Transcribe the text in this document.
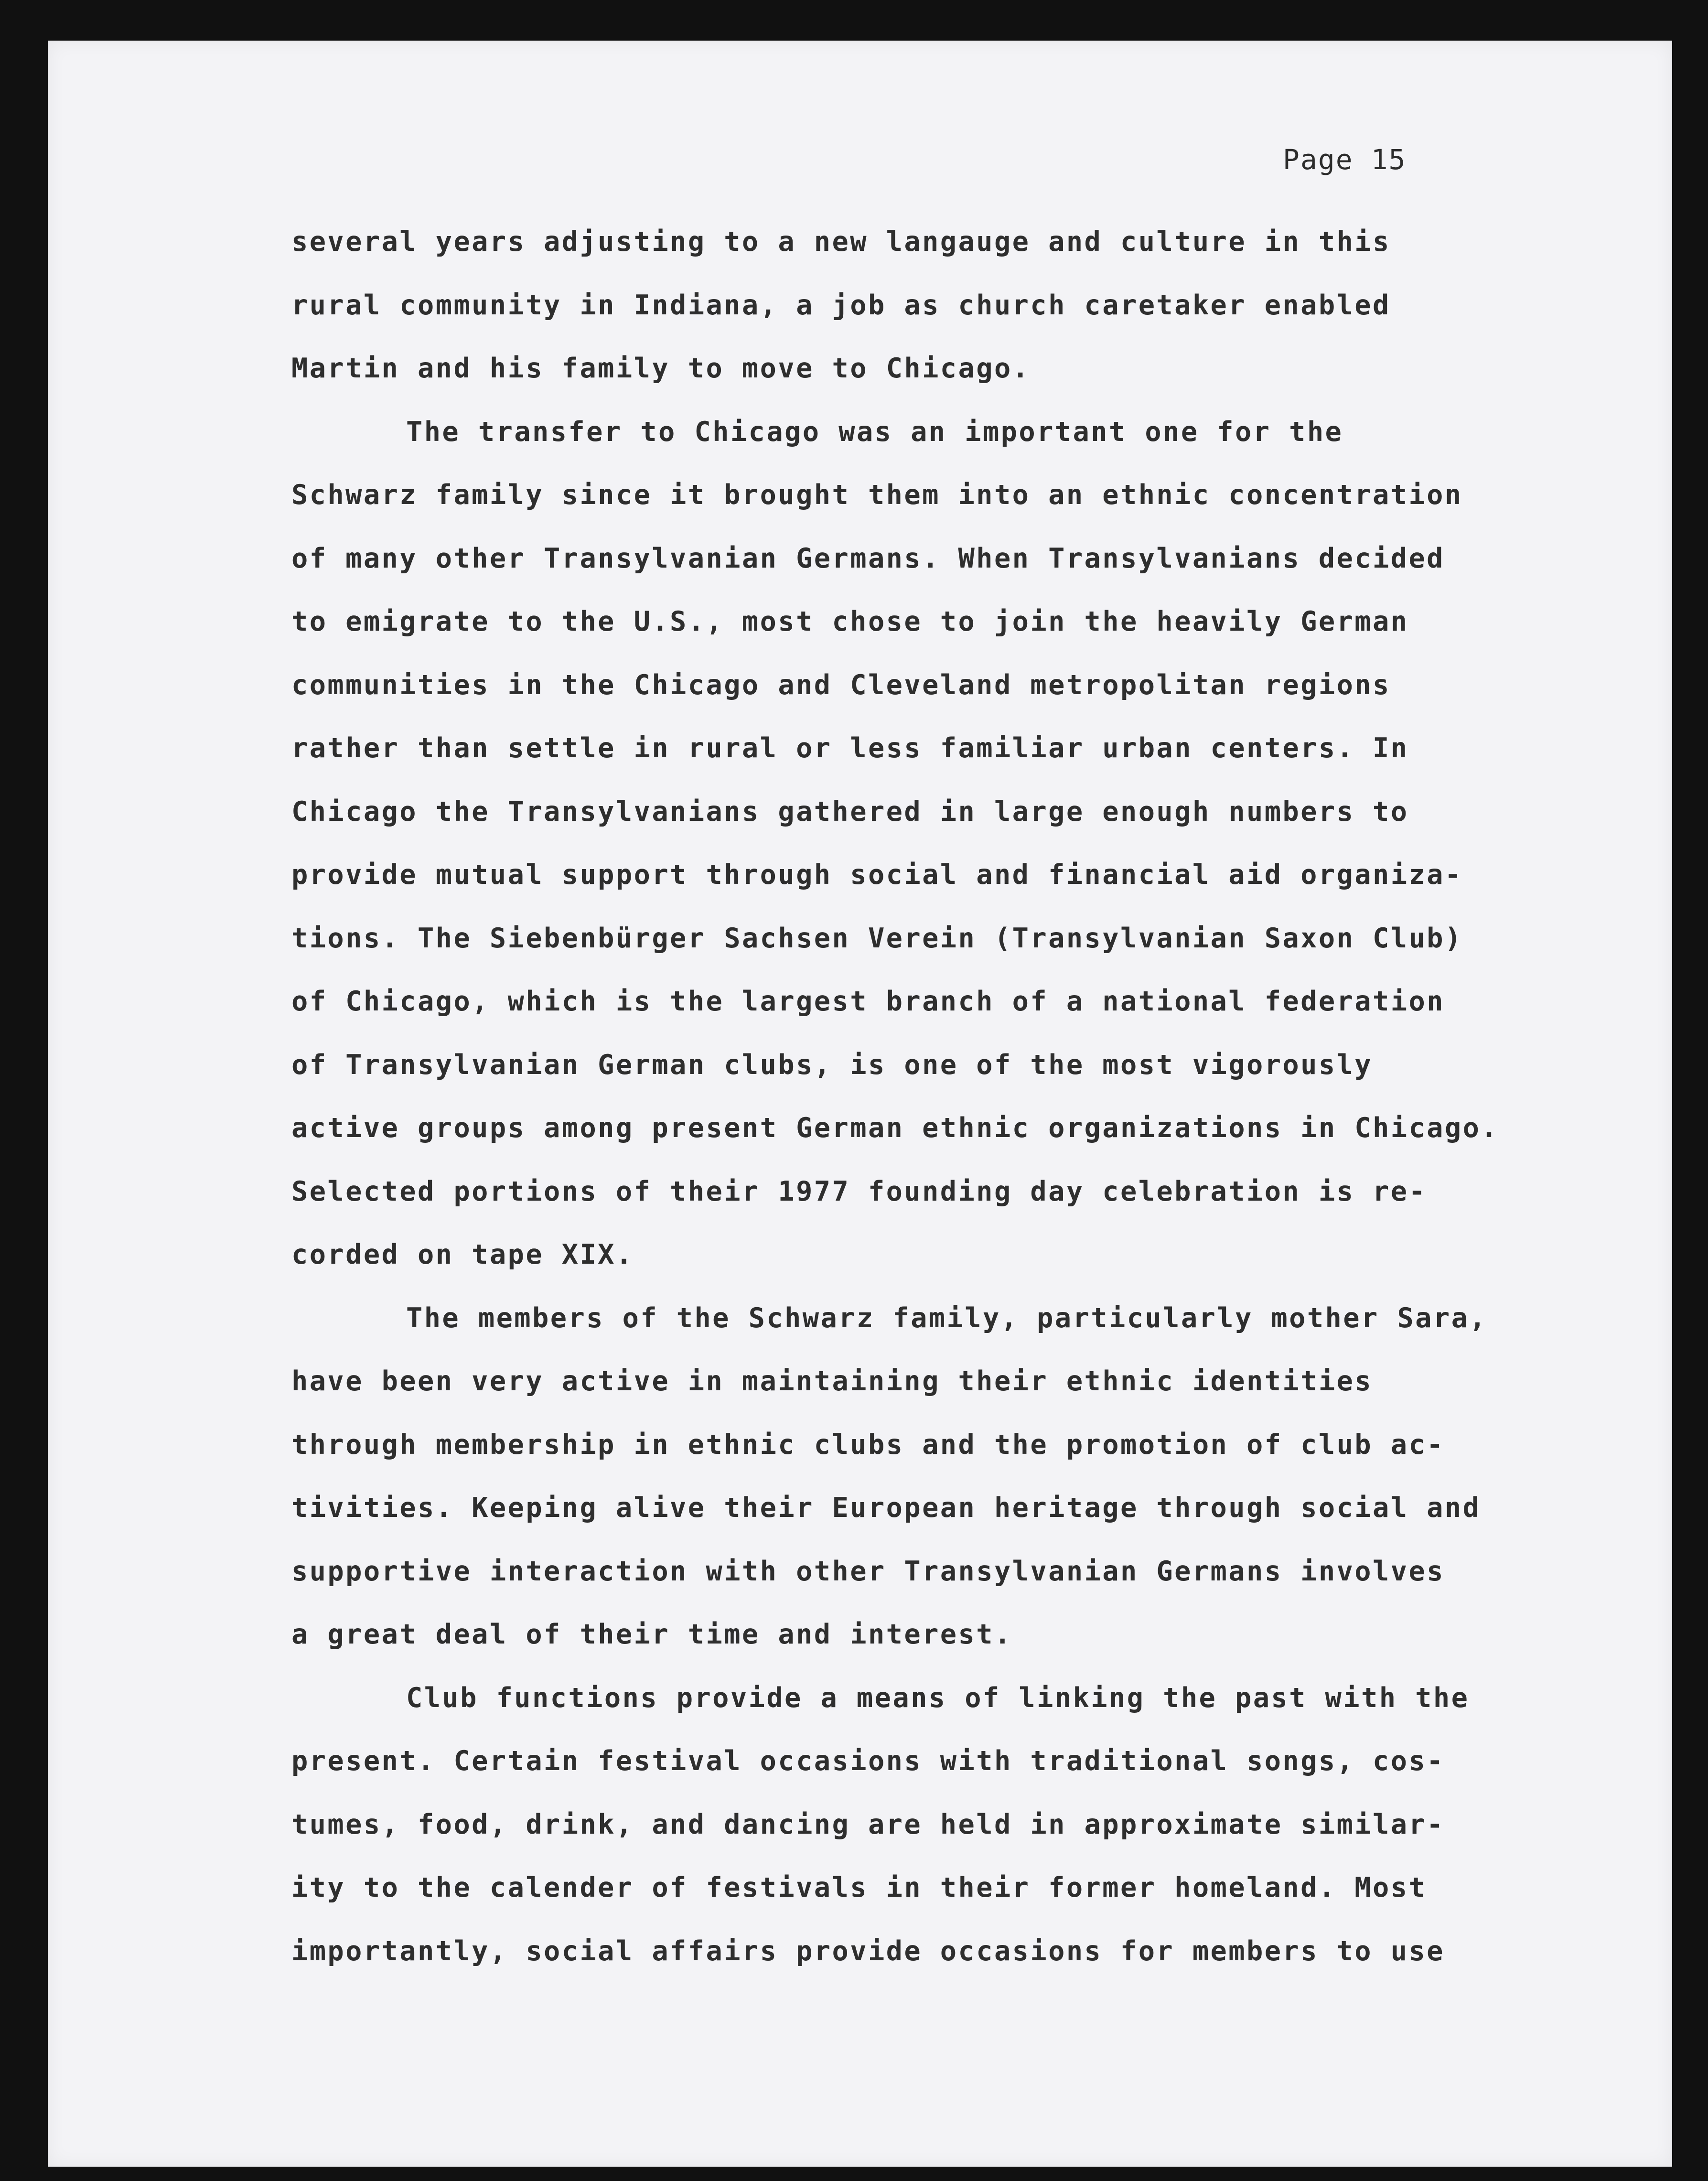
Page 15
several years adjusting to a new langauge and culture in this
rural community in Indiana, a job as church caretaker enabled
Martin and his family to move to Chicago.
The transfer to Chicago was an important one for the
Schwarz family since it brought them into an ethnic concentration
of many other Transylvanian Germans. When Transylvanians decided
to emigrate to the U.S., most chose to join the heavily German
communities in the Chicago and Cleveland metropolitan regions
rather than settle in rural or less familiar urban centers. In
Chicago the Transylvanians gathered in large enough numbers to
provide mutual support through social and financial aid organiza-
tions. The Siebenbürger Sachsen Verein (Transylvanian Saxon Club)
of Chicago, which is the largest branch of a national federation
of Transylvanian German clubs, is one of the most vigorously
active groups among present German ethnic organizations in Chicago.
Selected portions of their 1977 founding day celebration is re-
corded on tape XIX.
The members of the Schwarz family, particularly mother Sara,
have been very active in maintaining their ethnic identities
through membership in ethnic clubs and the promotion of club ac-
tivities. Keeping alive their European heritage through social and
supportive interaction with other Transylvanian Germans involves
a great deal of their time and interest.
Club functions provide a means of linking the past with the
present. Certain festival occasions with traditional songs, cos-
tumes, food, drink, and dancing are held in approximate similar-
ity to the calender of festivals in their former homeland. Most
importantly, social affairs provide occasions for members to use
